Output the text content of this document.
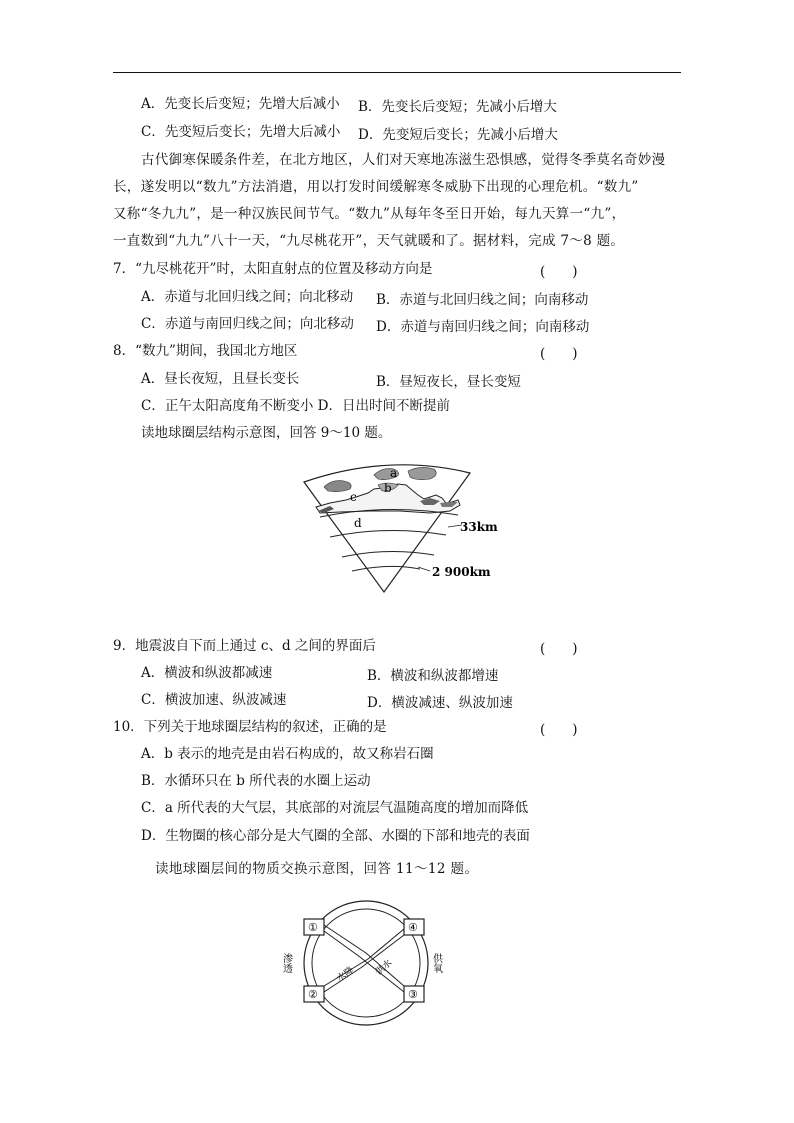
A．先变长后变短；先增大后减小 B．先变长后变短；先减小后增大
C．先变短后变长；先增大后减小 D．先变短后变长；先减小后增大
古代御寒保暖条件差，在北方地区，人们对天寒地冻滋生恐惧感，觉得冬季莫名奇妙漫
长，遂发明以“数九”方法消遣，用以打发时间缓解寒冬威胁下出现的心理危机。“数九”
又称“冬九九”，是一种汉族民间节气。“数九”从每年冬至日开始，每九天算一“九”，
一直数到“九九”八十一天，“九尽桃花开”，天气就暖和了。据材料，完成 7～8 题。
7．“九尽桃花开”时，太阳直射点的位置及移动方向是	(　　)
A．赤道与北回归线之间；向北移动 B．赤道与北回归线之间；向南移动
C．赤道与南回归线之间；向北移动 D．赤道与南回归线之间；向南移动
8．“数九”期间，我国北方地区	(　　)
A．昼长夜短，且昼长变长	B．昼短夜长，昼长变短
C．正午太阳高度角不断变小 D．日出时间不断提前
读地球圈层结构示意图，回答 9～10 题。
a
b
c
d	33km
2 900km
9．地震波自下而上通过 c、d 之间的界面后	(　　)
A．横波和纵波都减速	B．横波和纵波都增速
C．横波加速、纵波减速	D．横波减速、纵波加速
10．下列关于地球圈层结构的叙述，正确的是	(　　)
A．b 表示的地壳是由岩石构成的，故又称岩石圈
B．水循环只在 b 所代表的水圈上运动
C．a 所代表的大气层，其底部的对流层气温随高度的增加而降低
D．生物圈的核心部分是大气圈的全部、水圈的下部和地壳的表面
读地球圈层间的物质交换示意图，回答 11～12 题。
①
②	③
④
渗透	供氧
水降 供水
